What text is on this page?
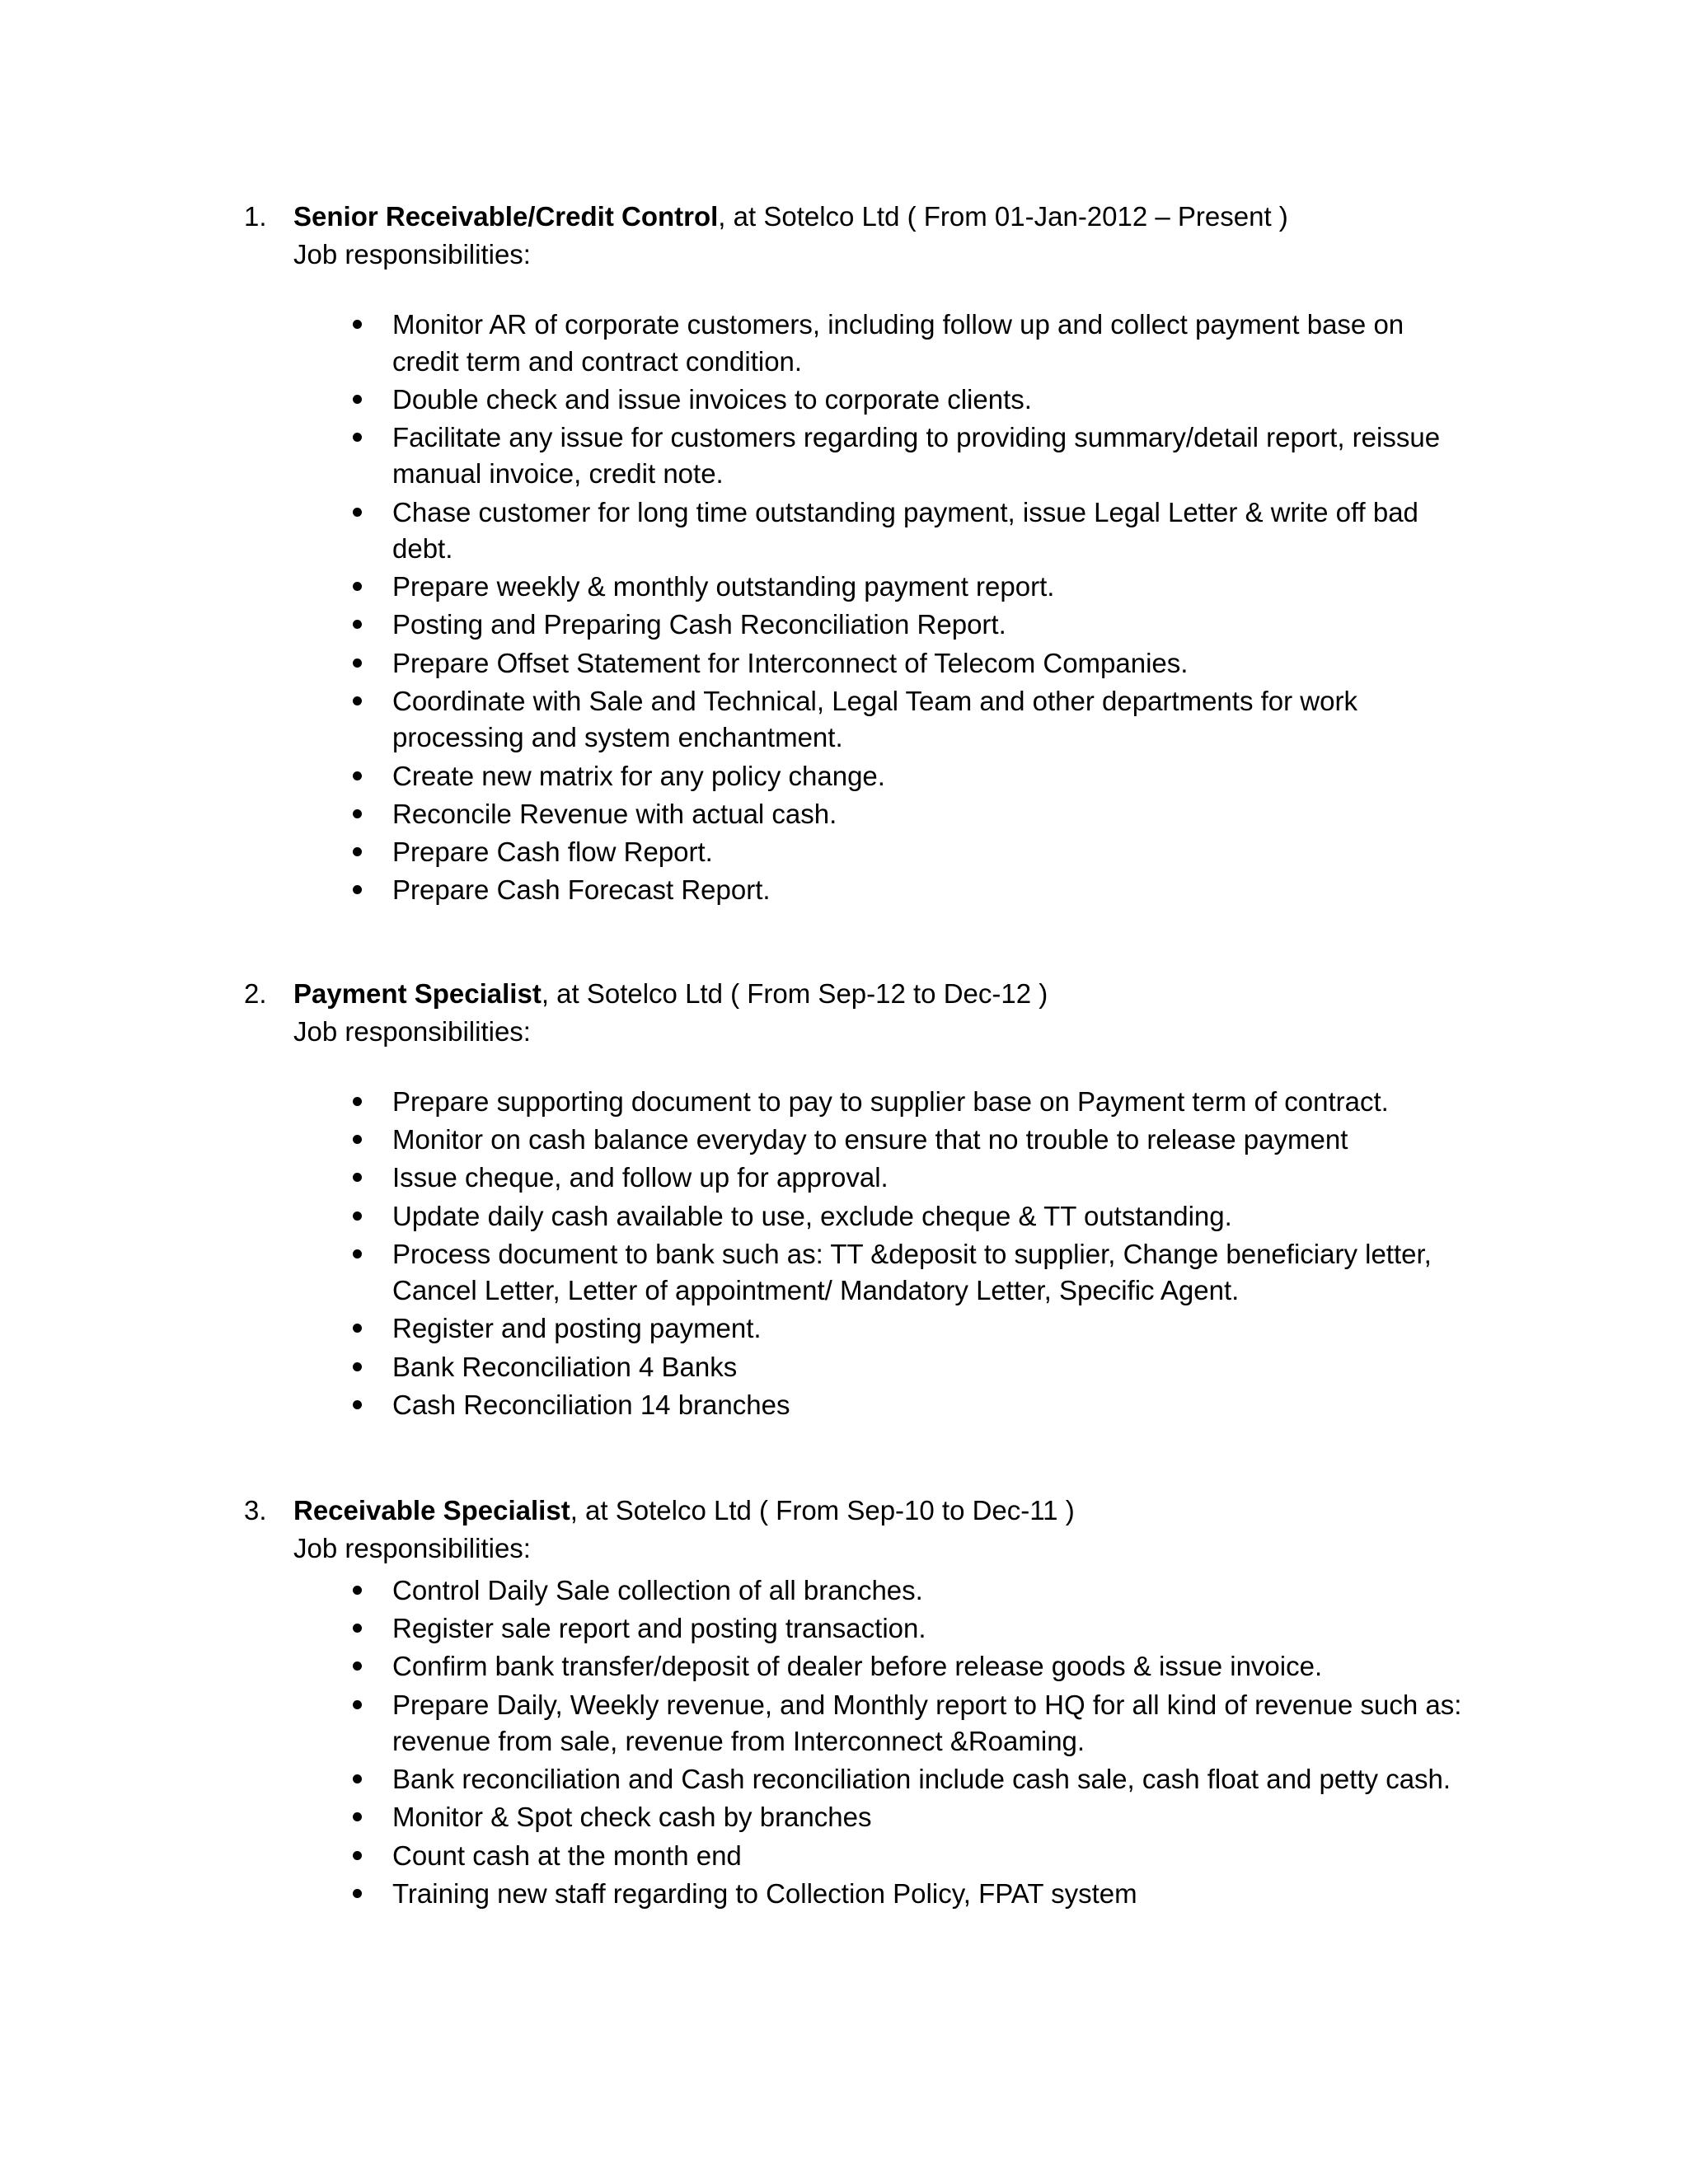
1. Senior Receivable/Credit Control, at Sotelco Ltd ( From 01-Jan-2012 – Present )
Job responsibilities:
Monitor AR of corporate customers, including follow up and collect payment base on credit term and contract condition.
Double check and issue invoices to corporate clients.
Facilitate any issue for customers regarding to providing summary/detail report, reissue manual invoice, credit note.
Chase customer for long time outstanding payment, issue Legal Letter & write off bad debt.
Prepare weekly & monthly outstanding payment report.
Posting and Preparing Cash Reconciliation Report.
Prepare Offset Statement for Interconnect of Telecom Companies.
Coordinate with Sale and Technical, Legal Team and other departments for work processing and system enchantment.
Create new matrix for any policy change.
Reconcile Revenue with actual cash.
Prepare Cash flow Report.
Prepare Cash Forecast Report.
2. Payment Specialist, at Sotelco Ltd ( From Sep-12 to Dec-12 )
Job responsibilities:
Prepare supporting document to pay to supplier base on Payment term of contract.
Monitor on cash balance everyday to ensure that no trouble to release payment
Issue cheque, and follow up for approval.
Update daily cash available to use, exclude cheque & TT outstanding.
Process document to bank such as: TT &deposit to supplier, Change beneficiary letter, Cancel Letter, Letter of appointment/ Mandatory Letter, Specific Agent.
Register and posting payment.
Bank Reconciliation 4 Banks
Cash Reconciliation 14 branches
3. Receivable Specialist, at Sotelco Ltd ( From Sep-10 to Dec-11 )
Job responsibilities:
Control Daily Sale collection of all branches.
Register sale report and posting transaction.
Confirm bank transfer/deposit of dealer before release goods & issue invoice.
Prepare Daily, Weekly revenue, and Monthly report to HQ for all kind of revenue such as: revenue from sale, revenue from Interconnect &Roaming.
Bank reconciliation and Cash reconciliation include cash sale, cash float and petty cash.
Monitor & Spot check cash by branches
Count cash at the month end
Training new staff regarding to Collection Policy, FPAT system
